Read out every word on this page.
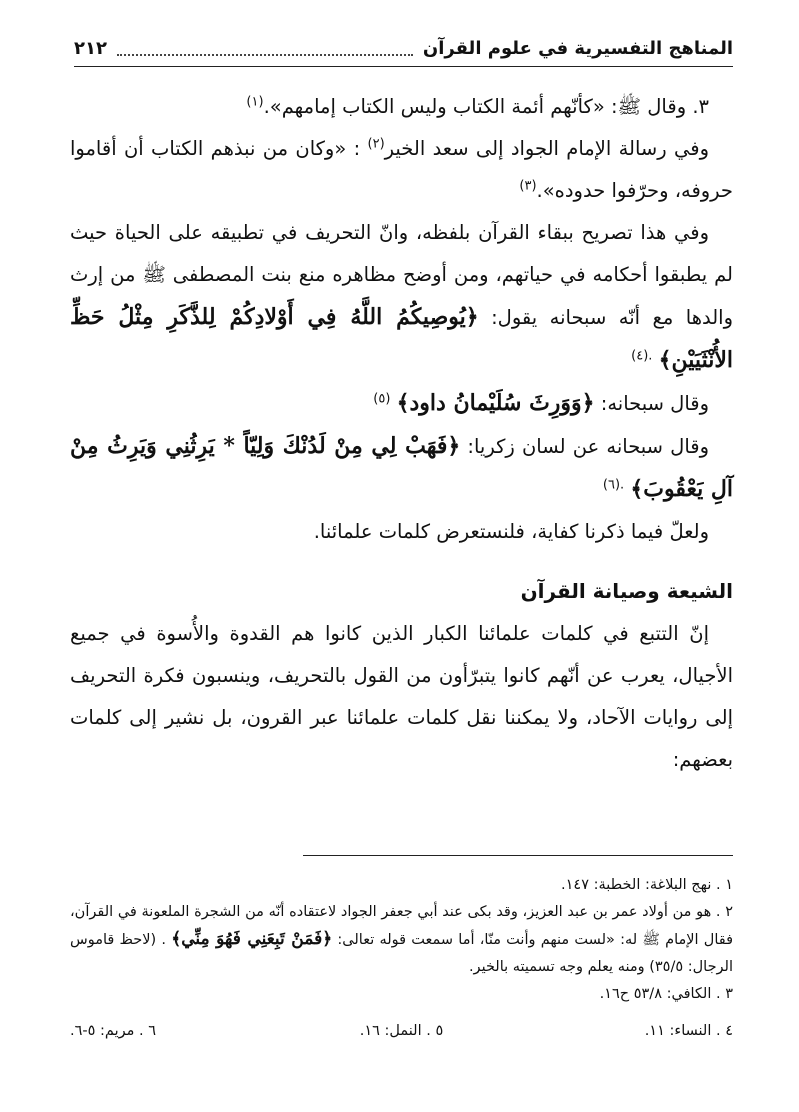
المناهج التفسيرية في علوم القرآن
٢١٢

٣. وقال ﷺ: «كأنّهم أئمة الكتاب وليس الكتاب إمامهم».$^{(١)}$

وفي رسالة الإمام الجواد إلى سعد الخير$^{(٢)}$ : «وكان من نبذهم الكتاب أن أقاموا حروفه، وحرّفوا حدوده».$^{(٣)}$

وفي هذا تصريح ببقاء القرآن بلفظه، وانّ التحريف في تطبيقه على الحياة حيث لم يطبقوا أحكامه في حياتهم، ومن أوضح مظاهره منع بنت المصطفى ﷺ من إرث والدها مع أنّه سبحانه يقول: ﴿يُوصِيكُمُ اللَّهُ فِي أَوْلادِكُمْ لِلذَّكَرِ مِثْلُ حَظِّ الأُنْثَيَيْنِ﴾ $^{.(٤)}$

وقال سبحانه: ﴿وَوَرِثَ سُلَيْمانُ داود﴾ $^{(٥)}$

وقال سبحانه عن لسان زكريا: ﴿فَهَبْ لِي مِنْ لَدُنْكَ وَلِيّاً * يَرِثُنِي وَيَرِثُ مِنْ آلِ يَعْقُوبَ﴾ $^{.(٦)}$

ولعلّ فيما ذكرنا كفاية، فلنستعرض كلمات علمائنا.

الشيعة وصيانة القرآن

إنّ التتبع في كلمات علمائنا الكبار الذين كانوا هم القدوة والأُسوة في جميع الأجيال، يعرب عن أنّهم كانوا يتبرّأون من القول بالتحريف، وينسبون فكرة التحريف إلى روايات الآحاد، ولا يمكننا نقل كلمات علمائنا عبر القرون، بل نشير إلى كلمات بعضهم:

١ . نهج البلاغة: الخطبة: ١٤٧.

٢ . هو من أولاد عمر بن عبد العزيز، وقد بكى عند أبي جعفر الجواد لاعتقاده أنّه من الشجرة الملعونة في القرآن، فقال الإمام ﷺ له: «لست منهم وأنت منّا، أما سمعت قوله تعالى: ﴿فَمَنْ تَبِعَنِي فَهُوَ مِنِّي﴾ . (لاحظ قاموس الرجال: ٣٥/٥) ومنه يعلم وجه تسميته بالخير.

٣ . الكافي: ٥٣/٨ ح١٦.

٤ . النساء: ١١.
٥ . النمل: ١٦.
٦ . مريم: ٥-٦.
